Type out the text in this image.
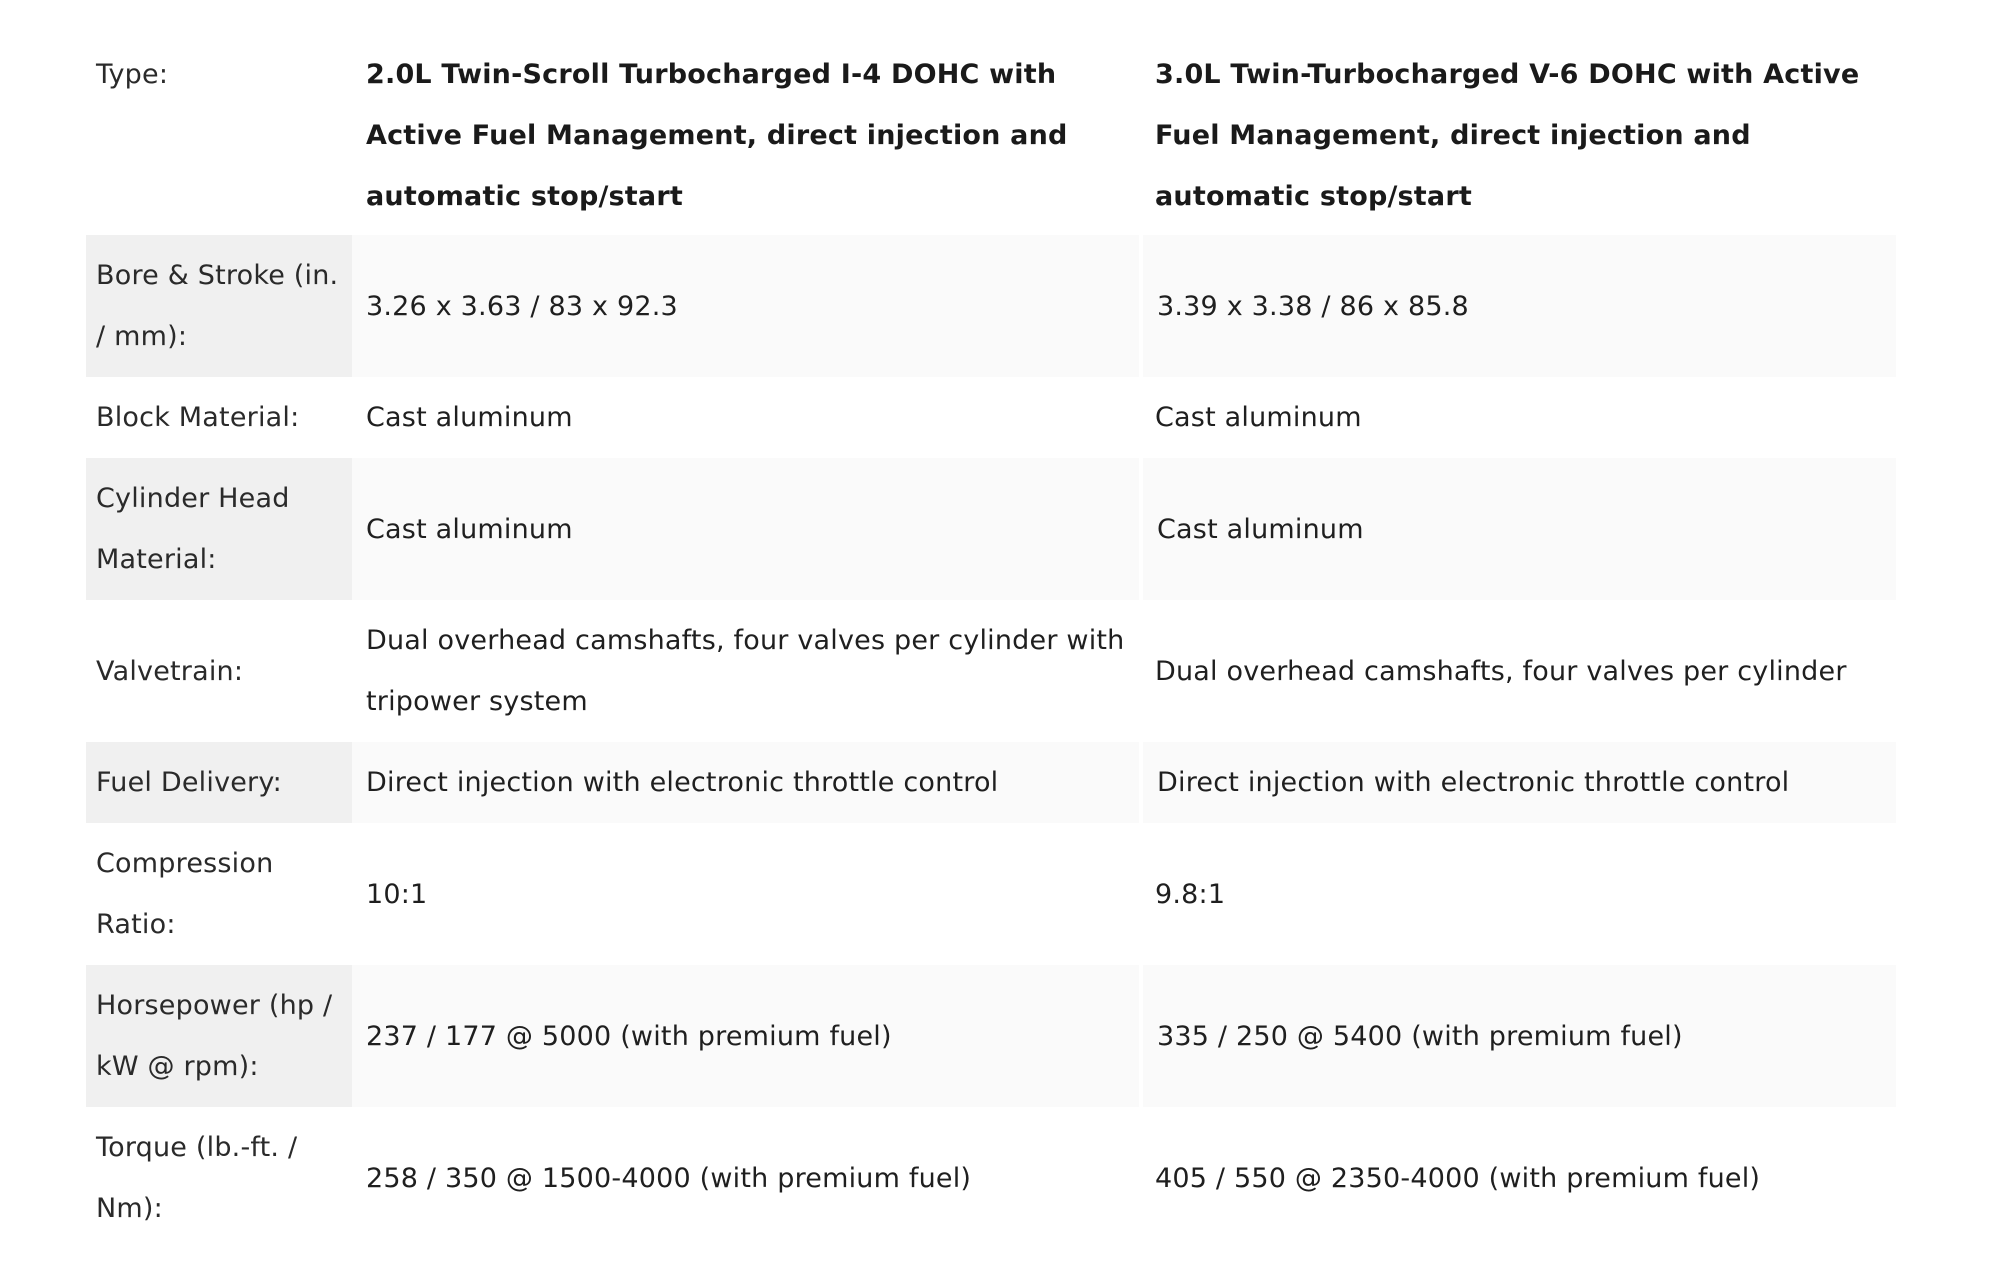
Type:	2.0L Twin-Scroll Turbocharged I-4 DOHC with Active Fuel Management, direct injection and automatic stop/start	3.0L Twin-Turbocharged V-6 DOHC with Active Fuel Management, direct injection and automatic stop/start
Bore & Stroke (in. / mm):	3.26 x 3.63 / 83 x 92.3	3.39 x 3.38 / 86 x 85.8
Block Material:	Cast aluminum	Cast aluminum
Cylinder Head Material:	Cast aluminum	Cast aluminum
Valvetrain:	Dual overhead camshafts, four valves per cylinder with tripower system	Dual overhead camshafts, four valves per cylinder
Fuel Delivery:	Direct injection with electronic throttle control	Direct injection with electronic throttle control
Compression Ratio:	10:1	9.8:1
Horsepower (hp / kW @ rpm):	237 / 177 @ 5000 (with premium fuel)	335 / 250 @ 5400 (with premium fuel)
Torque (lb.-ft. / Nm):	258 / 350 @ 1500-4000 (with premium fuel)	405 / 550 @ 2350-4000 (with premium fuel)
